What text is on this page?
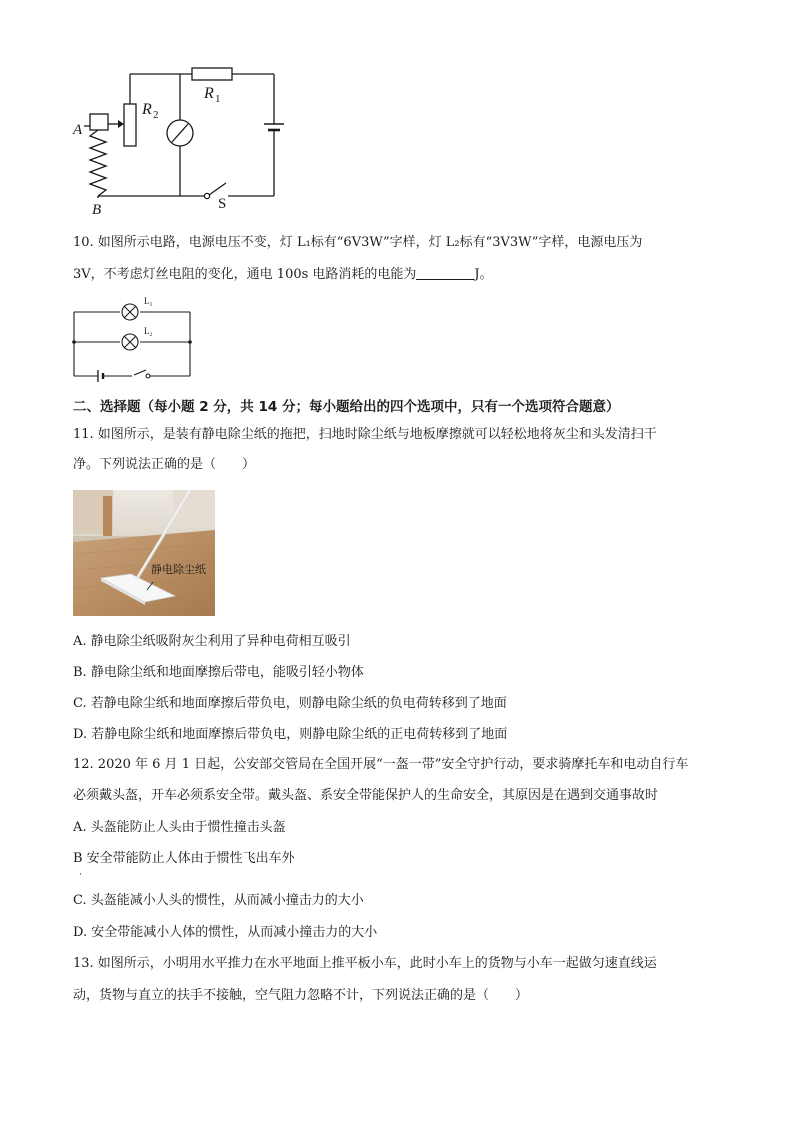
A
B
R 1
R 2
S
10. 如图所示电路，电源电压不变，灯 L₁标有“6V3W”字样，灯 L₂标有“3V3W”字样，电源电压为
3V，不考虑灯丝电阻的变化，通电 100s 电路消耗的电能为	J。
L₁
L₂
二、选择题（每小题 2 分，共 14 分；每小题给出的四个选项中，只有一个选项符合题意）
11. 如图所示，是装有静电除尘纸的拖把，扫地时除尘纸与地板摩擦就可以轻松地将灰尘和头发清扫干
净。下列说法正确的是（　　）
静电除尘纸
A. 静电除尘纸吸附灰尘利用了异种电荷相互吸引
B. 静电除尘纸和地面摩擦后带电，能吸引轻小物体
C. 若静电除尘纸和地面摩擦后带负电，则静电除尘纸的负电荷转移到了地面
D. 若静电除尘纸和地面摩擦后带负电，则静电除尘纸的正电荷转移到了地面
12. 2020 年 6 月 1 日起，公安部交管局在全国开展“一盔一带”安全守护行动，要求骑摩托车和电动自行车
必须戴头盔，开车必须系安全带。戴头盔、系安全带能保护人的生命安全，其原因是在遇到交通事故时
A. 头盔能防止人头由于惯性撞击头盔
B 安全带能防止人体由于惯性飞出车外
·
C. 头盔能减小人头的惯性，从而减小撞击力的大小
D. 安全带能减小人体的惯性，从而减小撞击力的大小
13. 如图所示，小明用水平推力在水平地面上推平板小车，此时小车上的货物与小车一起做匀速直线运
动，货物与直立的扶手不接触，空气阻力忽略不计，下列说法正确的是（　　）
